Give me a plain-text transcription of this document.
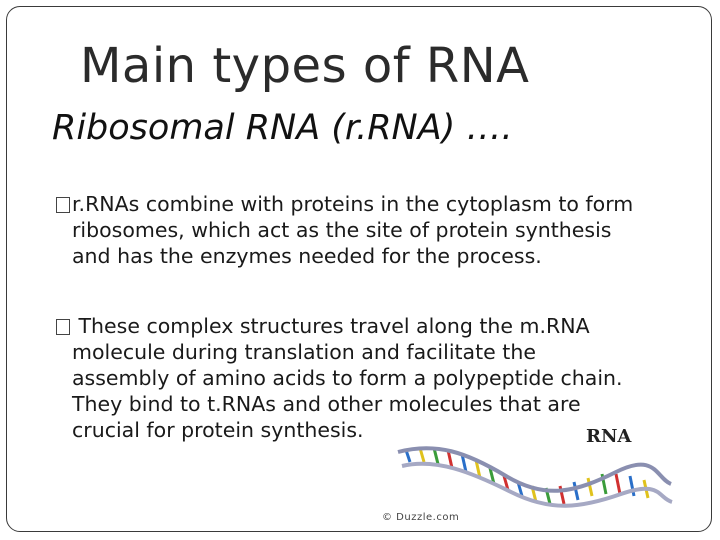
Main types of RNA
Ribosomal RNA (r.RNA) ….
r.RNAs combine with proteins in the cytoplasm to form
ribosomes, which act as the site of protein synthesis
and has the enzymes needed for the process.
These complex structures travel along the m.RNA
molecule during translation and facilitate the
assembly of amino acids to form a polypeptide chain.
They bind to t.RNAs and other molecules that are
crucial for protein synthesis.	RNA
© Duzzle.com
